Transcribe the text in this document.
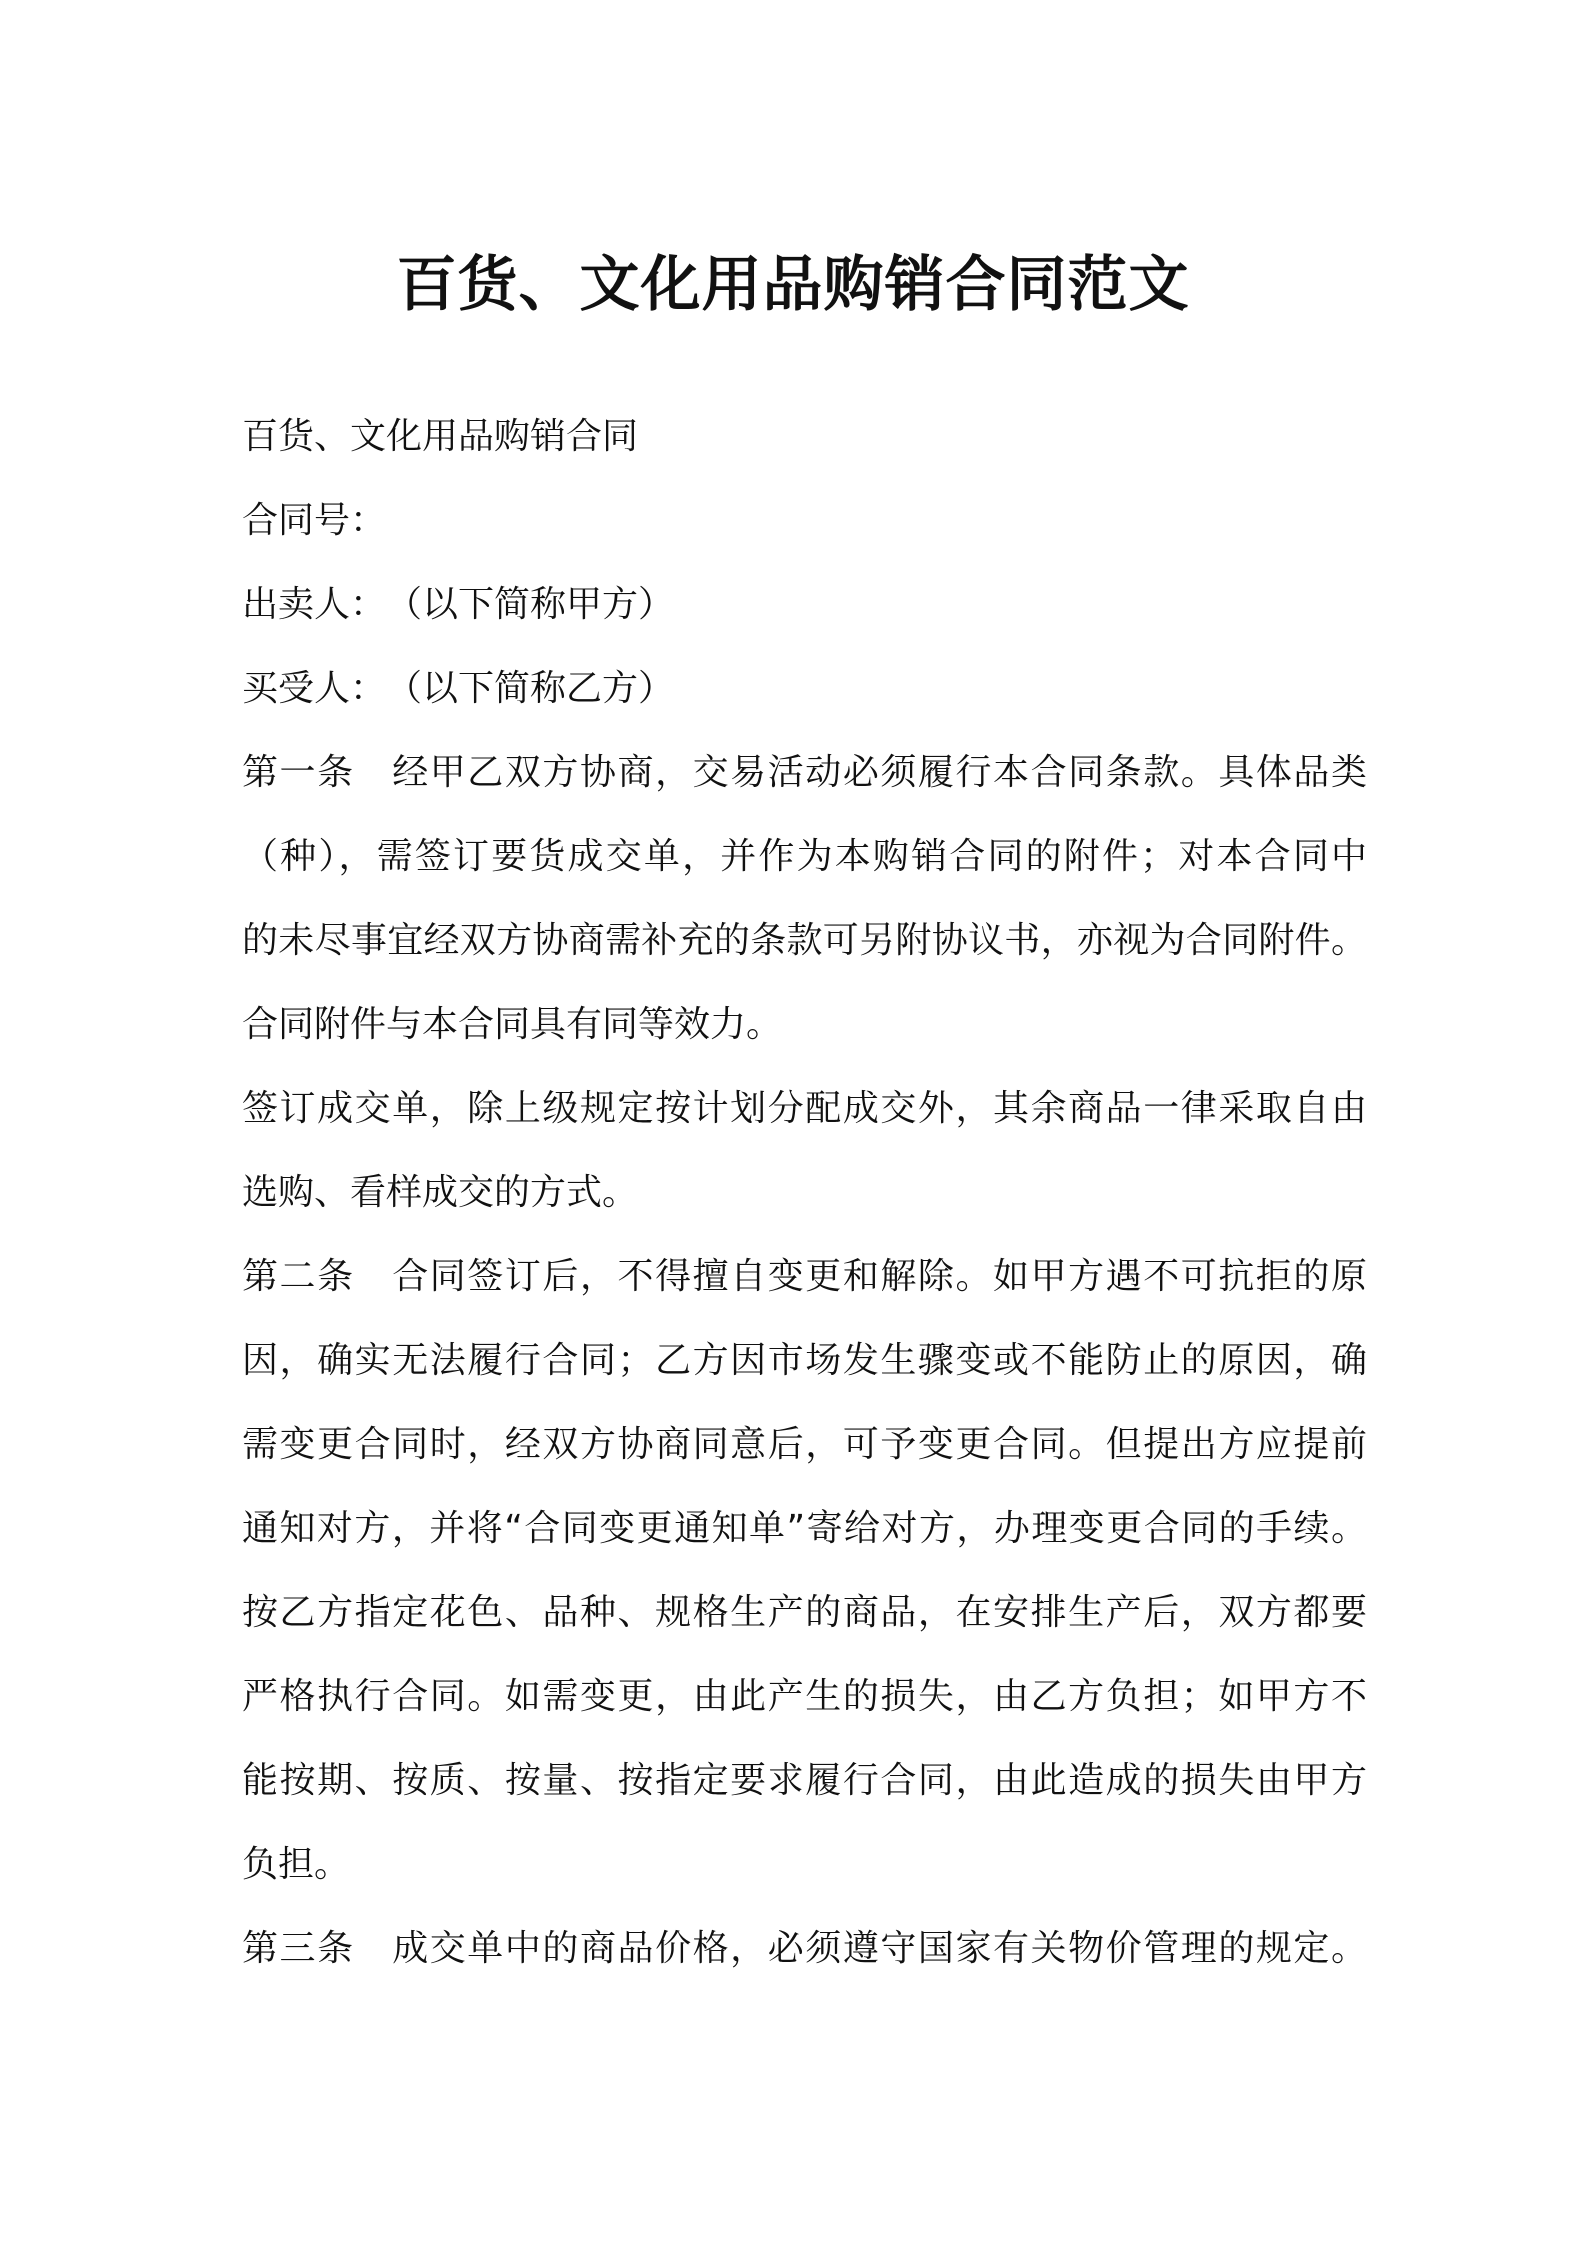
百货、文化用品购销合同范文
百货、文化用品购销合同
合同号：
出卖人：　（以下简称甲方）
买受人：　（以下简称乙方）
第一条　经甲乙双方协商，交易活动必须履行本合同条款。具体品类
（种），需签订要货成交单，并作为本购销合同的附件；对本合同中
的未尽事宜经双方协商需补充的条款可另附协议书，亦视为合同附件。
合同附件与本合同具有同等效力。
签订成交单，除上级规定按计划分配成交外，其余商品一律采取自由
选购、看样成交的方式。
第二条　合同签订后，不得擅自变更和解除。如甲方遇不可抗拒的原
因，确实无法履行合同；乙方因市场发生骤变或不能防止的原因，确
需变更合同时，经双方协商同意后，可予变更合同。但提出方应提前
通知对方，并将“合同变更通知单”寄给对方，办理变更合同的手续。
按乙方指定花色、品种、规格生产的商品，在安排生产后，双方都要
严格执行合同。如需变更，由此产生的损失，由乙方负担；如甲方不
能按期、按质、按量、按指定要求履行合同，由此造成的损失由甲方
负担。
第三条　成交单中的商品价格，必须遵守国家有关物价管理的规定。
